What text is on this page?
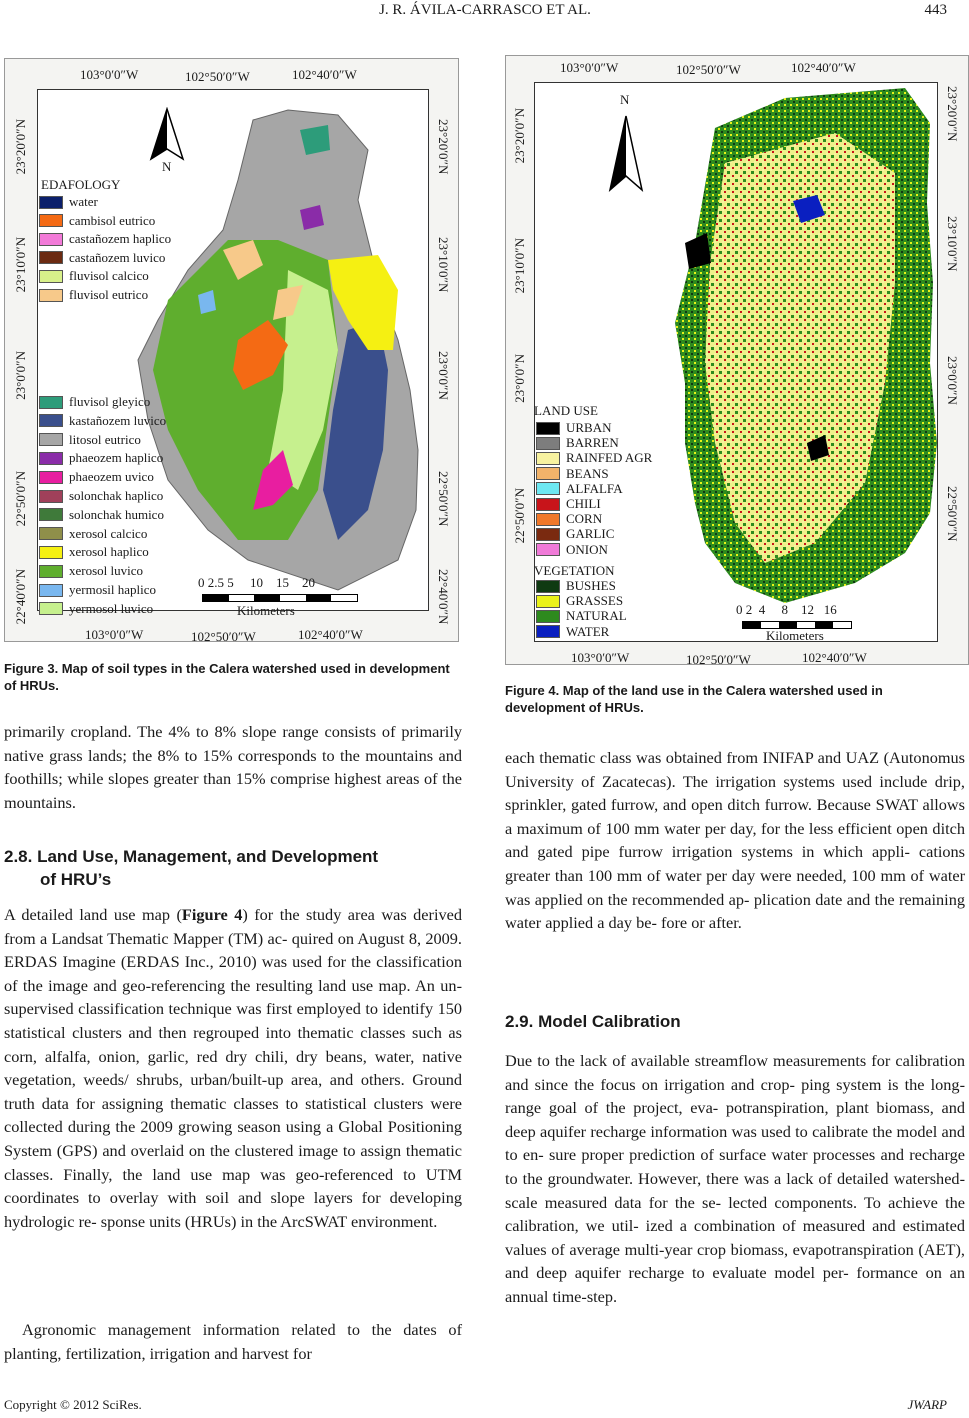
J. R. ÁVILA-CARRASCO ET AL.	443
103°0′0″W	102°50′0″W	102°40′0″W
103°0′0″W	102°50′0″W	102°40′0″W
23°20′0″N
23°10′0″N
23°0′0″N
22°50′0″N
22°40′0″N
23°20′0″N
23°10′0″N
23°0′0″N
22°50′0″N
22°40′0″N
N
EDAFOLOGY
water
cambisol eutrico
castañozem haplico
castañozem luvico
fluvisol calcico
fluvisol eutrico
fluvisol gleyico
kastañozem luvico
litosol eutrico
phaeozem haplico
phaeozem uvico
solonchak haplico
solonchak humico
xerosol calcico
xerosol haplico
xerosol luvico
yermosil haplico
yermosol luvico
0 2.5 5     10    15    20
Kilometers
Figure 3. Map of soil types in the Calera watershed used in development of HRUs.
103°0′0″W	102°50′0″W	102°40′0″W
103°0′0″W	102°50′0″W	102°40′0″W
23°20′0″N
23°10′0″N
23°0′0″N
22°50′0″N
23°20′0″N
23°10′0″N
23°0′0″N
22°50′0″N
N
LAND USE
URBAN
BARREN
RAINFED AGR
BEANS
ALFALFA
CHILI
CORN
GARLIC
ONION
VEGETATION
BUSHES
GRASSES
NATURAL
WATER
0 2  4     8    12   16
Kilometers
Figure 4. Map of the land use in the Calera watershed used in development of HRUs.
primarily cropland. The 4% to 8% slope range consists of primarily native grass lands; the 8% to 15% corresponds to the mountains and foothills; while slopes greater than 15% comprise highest areas of the mountains.
2.8. Land Use, Management, and Development
of HRU’s
A detailed land use map (Figure 4) for the study area was derived from a Landsat Thematic Mapper (TM) ac- quired on August 8, 2009. ERDAS Imagine (ERDAS Inc., 2010) was used for the classification of the image and geo-referencing the resulting land use map. An un- supervised classification technique was first employed to identify 150 statistical clusters and then regrouped into thematic classes such as corn, alfalfa, onion, garlic, red dry chili, dry beans, water, native vegetation, weeds/ shrubs, urban/built-up area, and others. Ground truth data for assigning thematic classes to statistical clusters were collected during the 2009 growing season using a Global Positioning System (GPS) and overlaid on the clustered image to assign thematic classes. Finally, the land use map was geo-referenced to UTM coordinates to overlay with soil and slope layers for developing hydrologic re- sponse units (HRUs) in the ArcSWAT environment.
Agronomic management information related to the dates of planting, fertilization, irrigation and harvest for
each thematic class was obtained from INIFAP and UAZ (Autonomus University of Zacatecas). The irrigation systems used include drip, sprinkler, gated furrow, and open ditch furrow. Because SWAT allows a maximum of 100 mm water per day, for the less efficient open ditch and gated pipe furrow irrigation systems in which appli- cations greater than 100 mm of water per day were needed, 100 mm of water was applied on the recommended ap- plication date and the remaining water applied a day be- fore or after.
2.9. Model Calibration
Due to the lack of available streamflow measurements for calibration and since the focus on irrigation and crop- ping system is the long-range goal of the project, eva- potranspiration, plant biomass, and deep aquifer recharge information was used to calibrate the model and to en- sure proper prediction of surface water processes and recharge to the groundwater. However, there was a lack of detailed watershed-scale measured data for the se- lected components. To achieve the calibration, we util- ized a combination of measured and estimated values of average multi-year crop biomass, evapotranspiration (AET), and deep aquifer recharge to evaluate model per- formance on an annual time-step.
Copyright © 2012 SciRes.	JWARP
